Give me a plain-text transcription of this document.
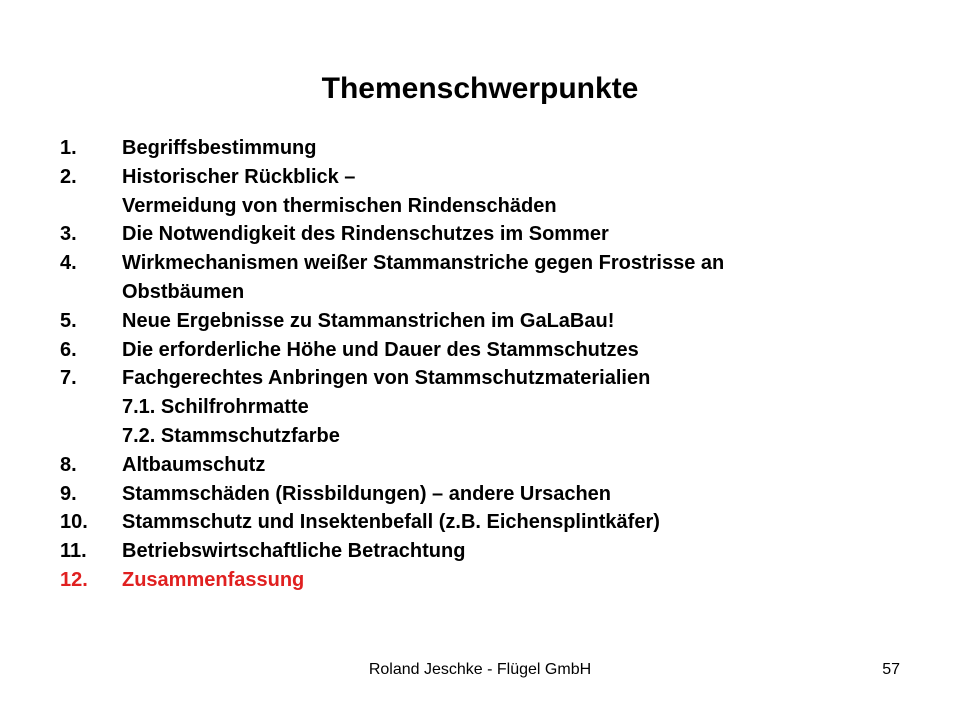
Themenschwerpunkte
1.	Begriffsbestimmung
2.	Historischer Rückblick –
Vermeidung von thermischen Rindenschäden
3.	Die Notwendigkeit des Rindenschutzes im Sommer
4.	Wirkmechanismen weißer Stammanstriche gegen Frostrisse an
Obstbäumen
5.	Neue Ergebnisse zu Stammanstrichen im GaLaBau!
6.	Die erforderliche Höhe und Dauer des Stammschutzes
7.	Fachgerechtes Anbringen von Stammschutzmaterialien
7.1. Schilfrohrmatte
7.2. Stammschutzfarbe
8.	Altbaumschutz
9.	Stammschäden (Rissbildungen) – andere Ursachen
10.	Stammschutz und Insektenbefall (z.B. Eichensplintkäfer)
11.	Betriebswirtschaftliche Betrachtung
12.	Zusammenfassung
Roland Jeschke - Flügel GmbH	57
